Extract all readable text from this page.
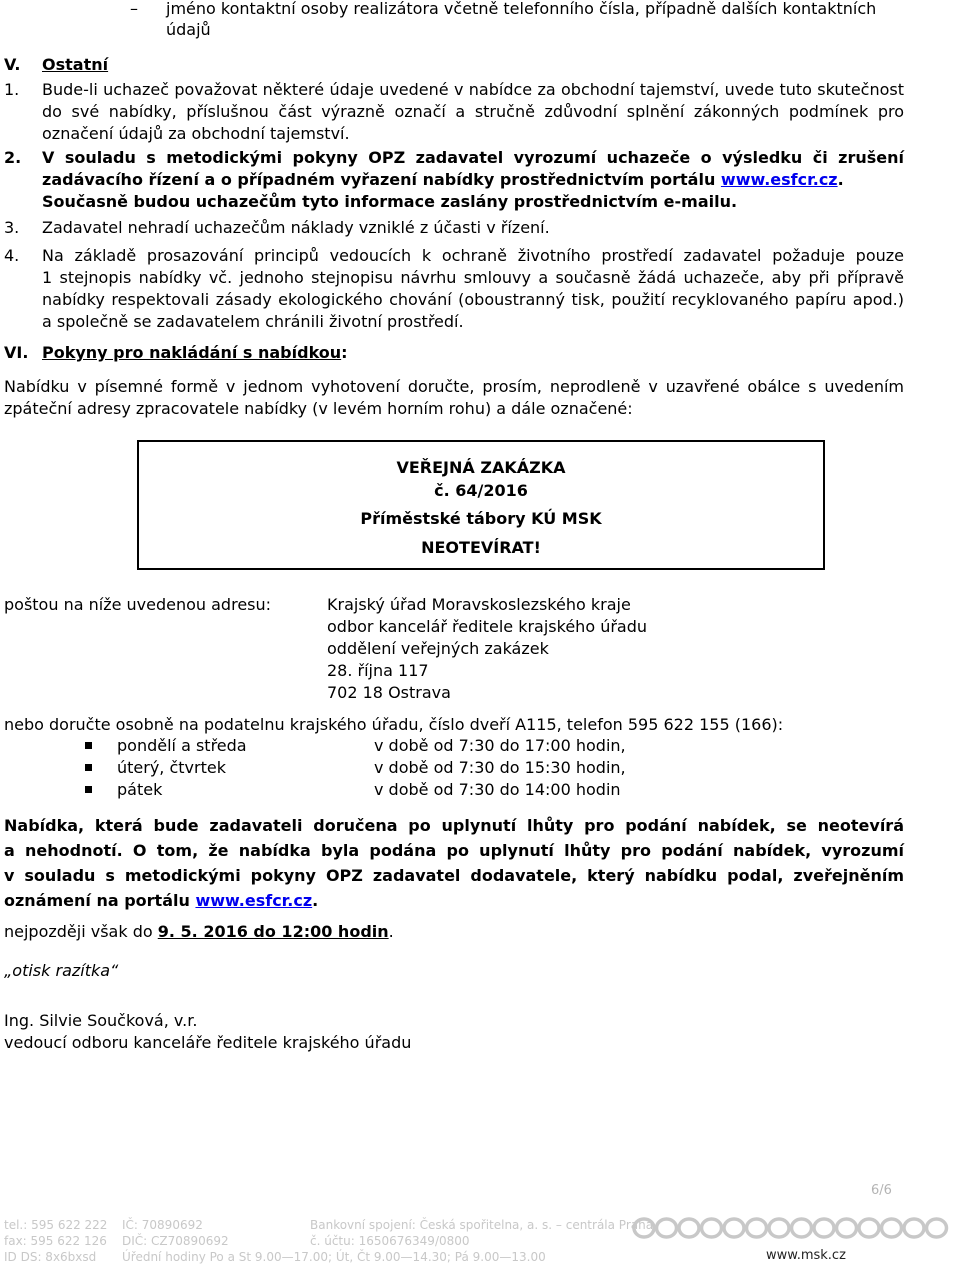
– jméno kontaktní osoby realizátora včetně telefonního čísla, případně dalších kontaktních
údajů
V. Ostatní
1. Bude-li uchazeč považovat některé údaje uvedené v nabídce za obchodní tajemství, uvede tuto skutečnost
do své nabídky, příslušnou část výrazně označí a stručně zdůvodní splnění zákonných podmínek pro
označení údajů za obchodní tajemství.
2. V souladu s metodickými pokyny OPZ zadavatel vyrozumí uchazeče o výsledku či zrušení
zadávacího řízení a o případném vyřazení nabídky prostřednictvím portálu www.esfcr.cz.
Současně budou uchazečům tyto informace zaslány prostřednictvím e-mailu.
3. Zadavatel nehradí uchazečům náklady vzniklé z účasti v řízení.
4. Na základě prosazování principů vedoucích k ochraně životního prostředí zadavatel požaduje pouze
1 stejnopis nabídky vč. jednoho stejnopisu návrhu smlouvy a současně žádá uchazeče, aby při přípravě
nabídky respektovali zásady ekologického chování (oboustranný tisk, použití recyklovaného papíru apod.)
a společně se zadavatelem chránili životní prostředí.
VI. Pokyny pro nakládání s nabídkou:
Nabídku v písemné formě v jednom vyhotovení doručte, prosím, neprodleně v uzavřené obálce s uvedením
zpáteční adresy zpracovatele nabídky (v levém horním rohu) a dále označené:
VEŘEJNÁ ZAKÁZKA
č. 64/2016
Příměstské tábory KÚ MSK
NEOTEVÍRAT!
poštou na níže uvedenou adresu:	Krajský úřad Moravskoslezského kraje
odbor kancelář ředitele krajského úřadu
oddělení veřejných zakázek
28. října 117
702 18 Ostrava
nebo doručte osobně na podatelnu krajského úřadu, číslo dveří A115, telefon 595 622 155 (166):
pondělí a středa	v době od 7:30 do 17:00 hodin,
úterý, čtvrtek	v době od 7:30 do 15:30 hodin,
pátek	v době od 7:30 do 14:00 hodin
Nabídka, která bude zadavateli doručena po uplynutí lhůty pro podání nabídek, se neotevírá
a nehodnotí. O tom, že nabídka byla podána po uplynutí lhůty pro podání nabídek, vyrozumí
v souladu s metodickými pokyny OPZ zadavatel dodavatele, který nabídku podal, zveřejněním
oznámení na portálu www.esfcr.cz.
nejpozději však do 9. 5. 2016 do 12:00 hodin.
„otisk razítka“
Ing. Silvie Součková, v.r.
vedoucí odboru kanceláře ředitele krajského úřadu
6/6
tel.: 595 622 222
fax: 595 622 126
ID DS: 8x6bxsd
IČ: 70890692
DIČ: CZ70890692
Úřední hodiny Po a St 9.00—17.00; Út, Čt 9.00—14.30; Pá 9.00—13.00
Bankovní spojení: Česká spořitelna, a. s. – centrála Praha
č. účtu: 1650676349/0800
www.msk.cz
